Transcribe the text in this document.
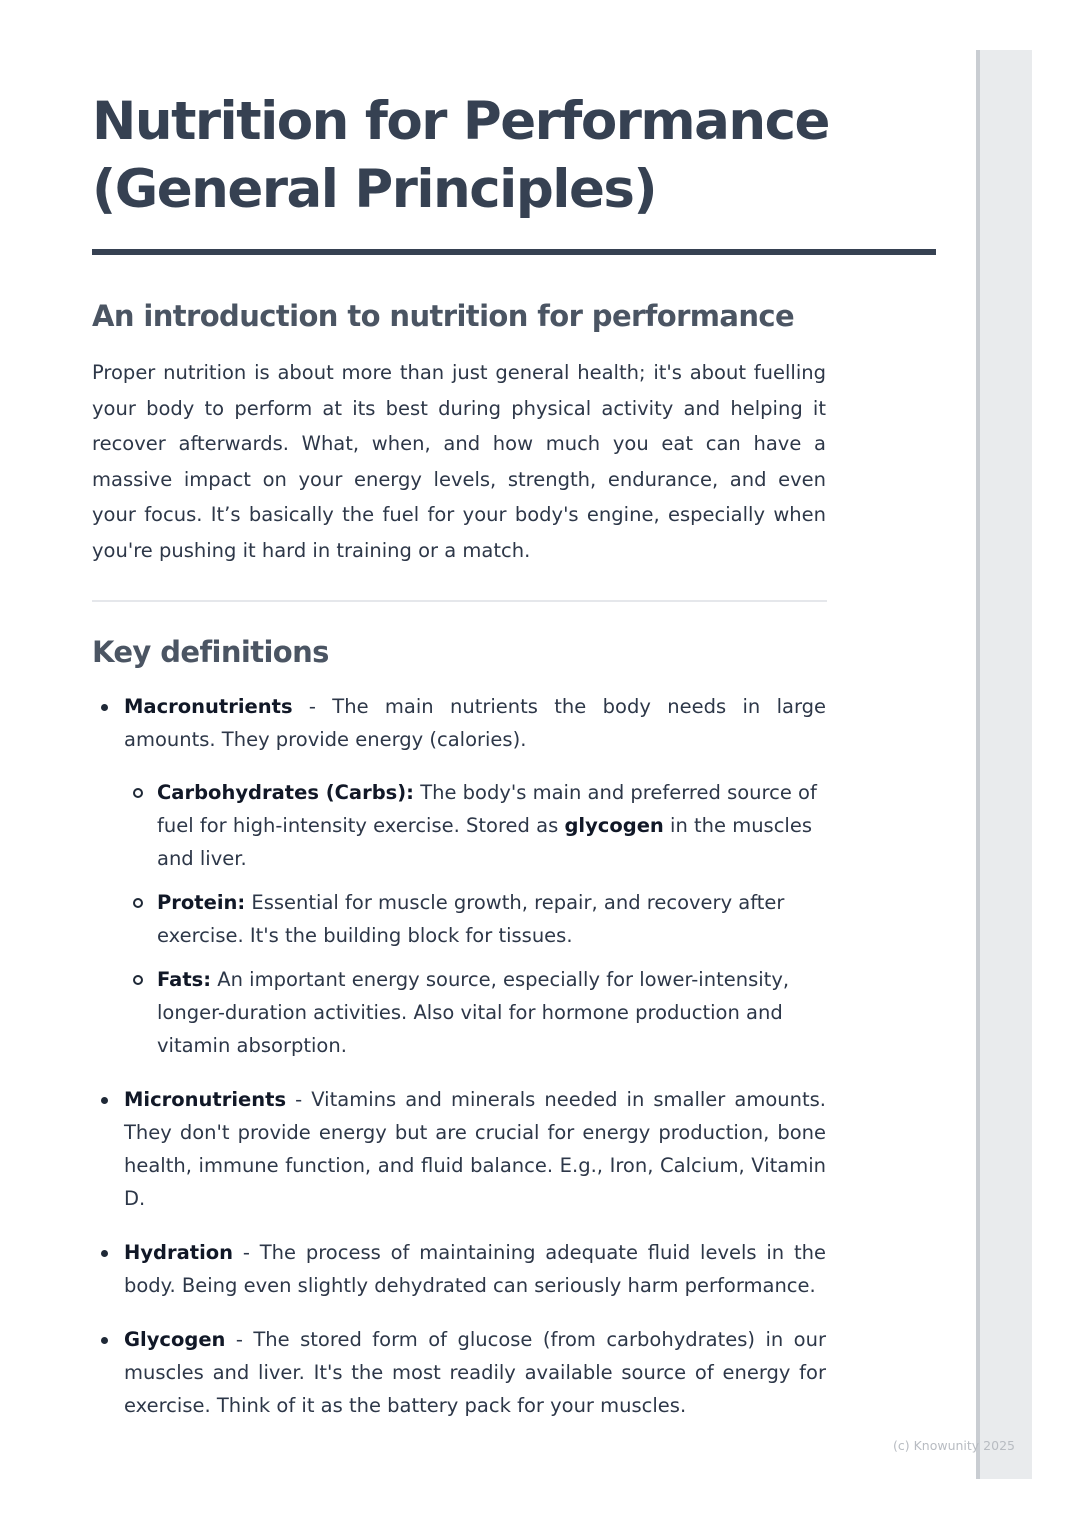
Nutrition for Performance (General Principles)
An introduction to nutrition for performance

Proper nutrition is about more than just general health; it's about fuelling your body to perform at its best during physical activity and helping it recover afterwards. What, when, and how much you eat can have a massive impact on your energy levels, strength, endurance, and even your focus. It’s basically the fuel for your body's engine, especially when you're pushing it hard in training or a match.

Key definitions
Macronutrients - The main nutrients the body needs in large amounts. They provide energy (calories).
Carbohydrates (Carbs): The body's main and preferred source of fuel for high-intensity exercise. Stored as glycogen in the muscles and liver.
Protein: Essential for muscle growth, repair, and recovery after exercise. It's the building block for tissues.
Fats: An important energy source, especially for lower-intensity, longer-duration activities. Also vital for hormone production and vitamin absorption.
Micronutrients - Vitamins and minerals needed in smaller amounts. They don't provide energy but are crucial for energy production, bone health, immune function, and fluid balance. E.g., Iron, Calcium, Vitamin D.
Hydration - The process of maintaining adequate fluid levels in the body. Being even slightly dehydrated can seriously harm performance.
Glycogen - The stored form of glucose (from carbohydrates) in our muscles and liver. It's the most readily available source of energy for exercise. Think of it as the battery pack for your muscles.
(c) Knowunity 2025
